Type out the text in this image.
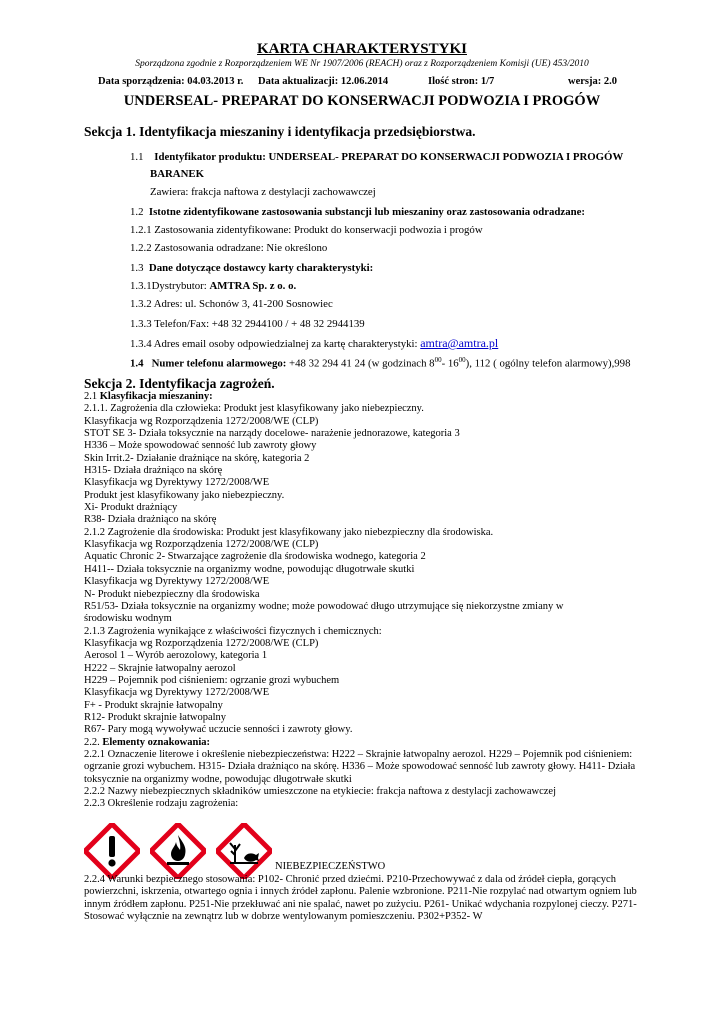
KARTA CHARAKTERYSTYKI
Sporządzona zgodnie z Rozporządzeniem WE Nr 1907/2006 (REACH) oraz z Rozporządzeniem Komisji (UE) 453/2010
Data sporządzenia: 04.03.2013 r. Data aktualizacji: 12.06.2014	Ilość stron: 1/7	wersja: 2.0
UNDERSEAL- PREPARAT DO KONSERWACJI PODWOZIA I PROGÓW
Sekcja 1. Identyfikacja mieszaniny i identyfikacja przedsiębiorstwa.
1.1 Identyfikator produktu: UNDERSEAL- PREPARAT DO KONSERWACJI PODWOZIA I PROGÓW
BARANEK
Zawiera: frakcja naftowa z destylacji zachowawczej
1.2 Istotne zidentyfikowane zastosowania substancji lub mieszaniny oraz zastosowania odradzane:
1.2.1 Zastosowania zidentyfikowane: Produkt do konserwacji podwozia i progów
1.2.2 Zastosowania odradzane: Nie określono
1.3 Dane dotyczące dostawcy karty charakterystyki:
1.3.1Dystrybutor: AMTRA Sp. z o. o.
1.3.2 Adres: ul. Schonów 3, 41-200 Sosnowiec
1.3.3 Telefon/Fax: +48 32 2944100 / + 48 32 2944139
1.3.4 Adres email osoby odpowiedzialnej za kartę charakterystyki: amtra@amtra.pl
1.4 Numer telefonu alarmowego: +48 32 294 41 24 (w godzinach $8^{00}-$ $16^{00}$), 112 ( ogólny telefon alarmowy),998
Sekcja 2. Identyfikacja zagrożeń.
2.1 Klasyfikacja mieszaniny:
2.1.1. Zagrożenia dla człowieka: Produkt jest klasyfikowany jako niebezpieczny.
Klasyfikacja wg Rozporządzenia 1272/2008/WE (CLP)
STOT SE 3- Działa toksycznie na narządy docelowe- narażenie jednorazowe, kategoria 3
H336 – Może spowodować senność lub zawroty głowy
Skin Irrit.2- Działanie drażniące na skórę, kategoria 2
H315- Działa drażniąco na skórę
Klasyfikacja wg Dyrektywy 1272/2008/WE
Produkt jest klasyfikowany jako niebezpieczny.
Xi- Produkt drażniący
R38- Działa drażniąco na skórę
2.1.2 Zagrożenie dla środowiska: Produkt jest klasyfikowany jako niebezpieczny dla środowiska.
Klasyfikacja wg Rozporządzenia 1272/2008/WE (CLP)
Aquatic Chronic 2- Stwarzające zagrożenie dla środowiska wodnego, kategoria 2
H411-- Działa toksycznie na organizmy wodne, powodując długotrwałe skutki
Klasyfikacja wg Dyrektywy 1272/2008/WE
N- Produkt niebezpieczny dla środowiska
R51/53- Działa toksycznie na organizmy wodne; może powodować długo utrzymujące się niekorzystne zmiany w
środowisku wodnym
2.1.3 Zagrożenia wynikające z właściwości fizycznych i chemicznych:
Klasyfikacja wg Rozporządzenia 1272/2008/WE (CLP)
Aerosol 1 – Wyrób aerozolowy, kategoria 1
H222 – Skrajnie łatwopalny aerozol
H229 – Pojemnik pod ciśnieniem: ogrzanie grozi wybuchem
Klasyfikacja wg Dyrektywy 1272/2008/WE
F+ - Produkt skrajnie łatwopalny
R12- Produkt skrajnie łatwopalny
R67- Pary mogą wywoływać uczucie senności i zawroty głowy.
2.2. Elementy oznakowania:
2.2.1 Oznaczenie literowe i określenie niebezpieczeństwa: H222 – Skrajnie łatwopalny aerozol. H229 – Pojemnik pod ciśnieniem: ogrzanie grozi wybuchem. H315- Działa drażniąco na skórę. H336 – Może spowodować senność lub zawroty głowy. H411- Działa toksycznie na organizmy wodne, powodując długotrwałe skutki
2.2.2 Nazwy niebezpiecznych składników umieszczone na etykiecie: frakcja naftowa z destylacji zachowawczej
2.2.3 Określenie rodzaju zagrożenia:
NIEBEZPIECZEŃSTWO
2.2.4 Warunki bezpiecznego stosowania: P102- Chronić przed dziećmi. P210-Przechowywać z dala od źródeł ciepła, gorących powierzchni, iskrzenia, otwartego ognia i innych źródeł zapłonu. Palenie wzbronione. P211-Nie rozpylać nad otwartym ogniem lub innym źródłem zapłonu. P251-Nie przekłuwać ani nie spalać, nawet po zużyciu. P261- Unikać wdychania rozpylonej cieczy. P271-Stosować wyłącznie na zewnątrz lub w dobrze wentylowanym pomieszczeniu. P302+P352- W
